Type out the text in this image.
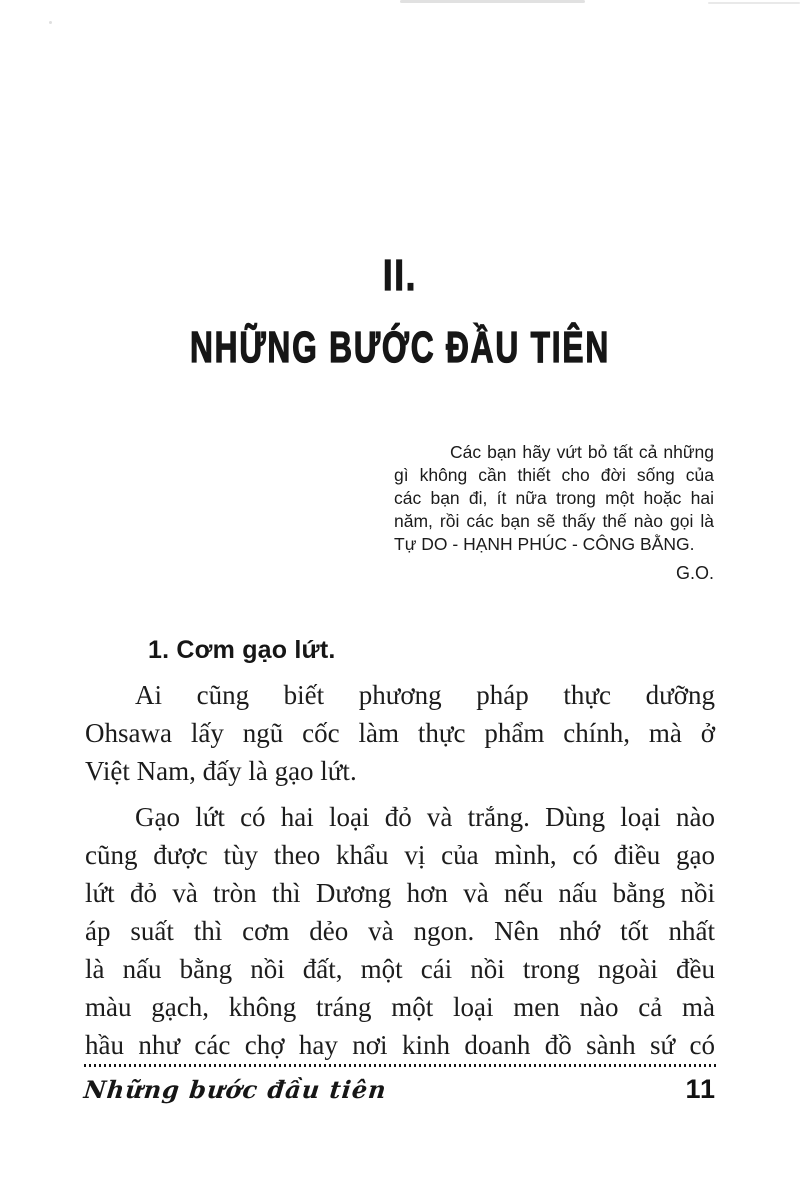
II.
NHỮNG BƯỚC ĐẦU TIÊN
Các bạn hãy vứt bỏ tất cả những
gì không cần thiết cho đời sống của
các bạn đi, ít nữa trong một hoặc hai
năm, rồi các bạn sẽ thấy thế nào gọi là
Tự DO - HẠNH PHÚC - CÔNG BẰNG.
G.O.
1. Cơm gạo lứt.
Ai cũng biết phương pháp thực dưỡng
Ohsawa lấy ngũ cốc làm thực phẩm chính, mà ở
Việt Nam, đấy là gạo lứt.
Gạo lứt có hai loại đỏ và trắng. Dùng loại nào
cũng được tùy theo khẩu vị của mình, có điều gạo
lứt đỏ và tròn thì Dương hơn và nếu nấu bằng nồi
áp suất thì cơm dẻo và ngon. Nên nhớ tốt nhất
là nấu bằng nồi đất, một cái nồi trong ngoài đều
màu gạch, không tráng một loại men nào cả mà
hầu như các chợ hay nơi kinh doanh đồ sành sứ có
Những bước đầu tiên	11
